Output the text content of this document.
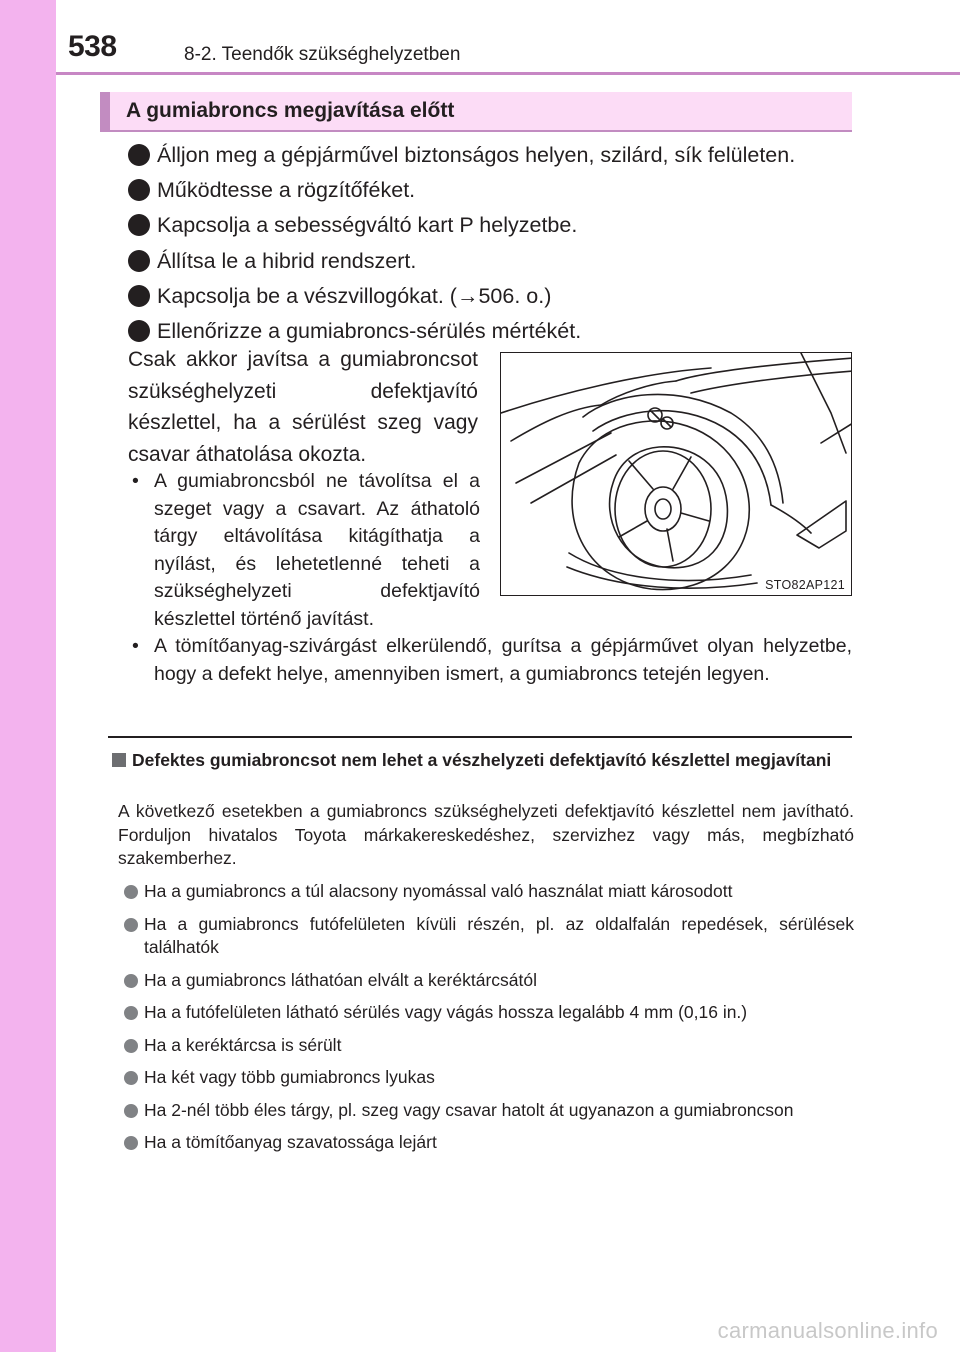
538	8-2. Teendők szükséghelyzetben
A gumiabroncs megjavítása előtt
Álljon meg a gépjárművel biztonságos helyen, szilárd, sík felületen.
Működtesse a rögzítőféket.
Kapcsolja a sebességváltó kart P helyzetbe.
Állítsa le a hibrid rendszert.
Kapcsolja be a vészvillogókat. (→506. o.)
Ellenőrizze a gumiabroncs-sérülés mértékét.

Csak akkor javítsa a gumiabroncsot szükséghelyzeti defektjavító készlettel, ha a sérülést szeg vagy csavar áthatolása okozta.

• A gumiabroncsból ne távolítsa el a szeget vagy a csavart. Az áthatoló tárgy eltávolítása kitágíthatja a nyílást, és lehetetlenné teheti a szükséghelyzeti defektjavító készlettel történő javítást.
• A tömítőanyag-szivárgást elkerülendő, gurítsa a gépjárművet olyan helyzetbe, hogy a defekt helye, amennyiben ismert, a gumiabroncs tetején legyen.
STO82AP121
Defektes gumiabroncsot nem lehet a vészhelyzeti defektjavító készlettel megjavítani

A következő esetekben a gumiabroncs szükséghelyzeti defektjavító készlettel nem javítható. Forduljon hivatalos Toyota márkakereskedéshez, szervizhez vagy más, megbízható szakemberhez.

Ha a gumiabroncs a túl alacsony nyomással való használat miatt károsodott
Ha a gumiabroncs futófelületen kívüli részén, pl. az oldalfalán repedések, sérülések találhatók
Ha a gumiabroncs láthatóan elvált a keréktárcsától
Ha a futófelületen látható sérülés vagy vágás hossza legalább 4 mm (0,16 in.)
Ha a keréktárcsa is sérült
Ha két vagy több gumiabroncs lyukas
Ha 2-nél több éles tárgy, pl. szeg vagy csavar hatolt át ugyanazon a gumiabroncson
Ha a tömítőanyag szavatossága lejárt
carmanualsonline.info
